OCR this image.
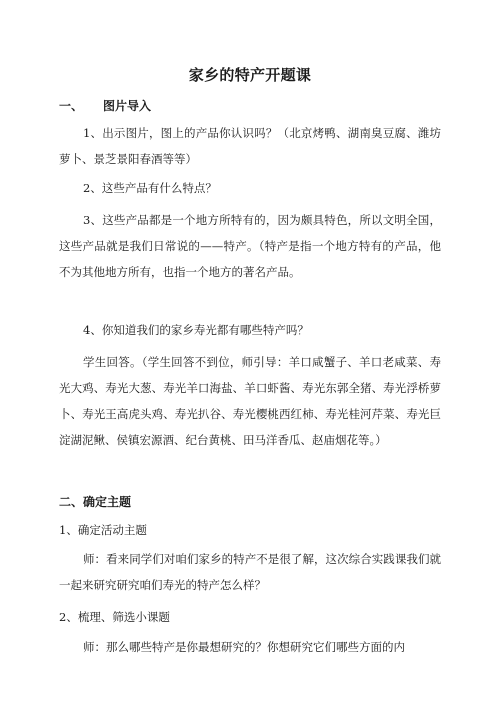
家乡的特产开题课
一、 图片导入
1、出示图片，图上的产品你认识吗？（北京烤鸭、湖南臭豆腐、潍坊萝卜、景芝景阳春酒等等）
2、这些产品有什么特点？
3、这些产品都是一个地方所特有的，因为颇具特色，所以文明全国，这些产品就是我们日常说的——特产。（特产是指一个地方特有的产品，他不为其他地方所有，也指一个地方的著名产品。
4、你知道我们的家乡寿光都有哪些特产吗？
学生回答。（学生回答不到位，师引导：羊口咸蟹子、羊口老咸菜、寿光大鸡、寿光大葱、寿光羊口海盐、羊口虾酱、寿光东郭全猪、寿光浮桥萝卜、寿光王高虎头鸡、寿光扒谷、寿光樱桃西红柿、寿光桂河芹菜、寿光巨淀湖泥鳅、侯镇宏源酒、纪台黄桃、田马洋香瓜、赵庙烟花等。）
二、确定主题
1、确定活动主题
师：看来同学们对咱们家乡的特产不是很了解，这次综合实践课我们就一起来研究研究咱们寿光的特产怎么样？
2、梳理、筛选小课题
师：那么哪些特产是你最想研究的？你想研究它们哪些方面的内
